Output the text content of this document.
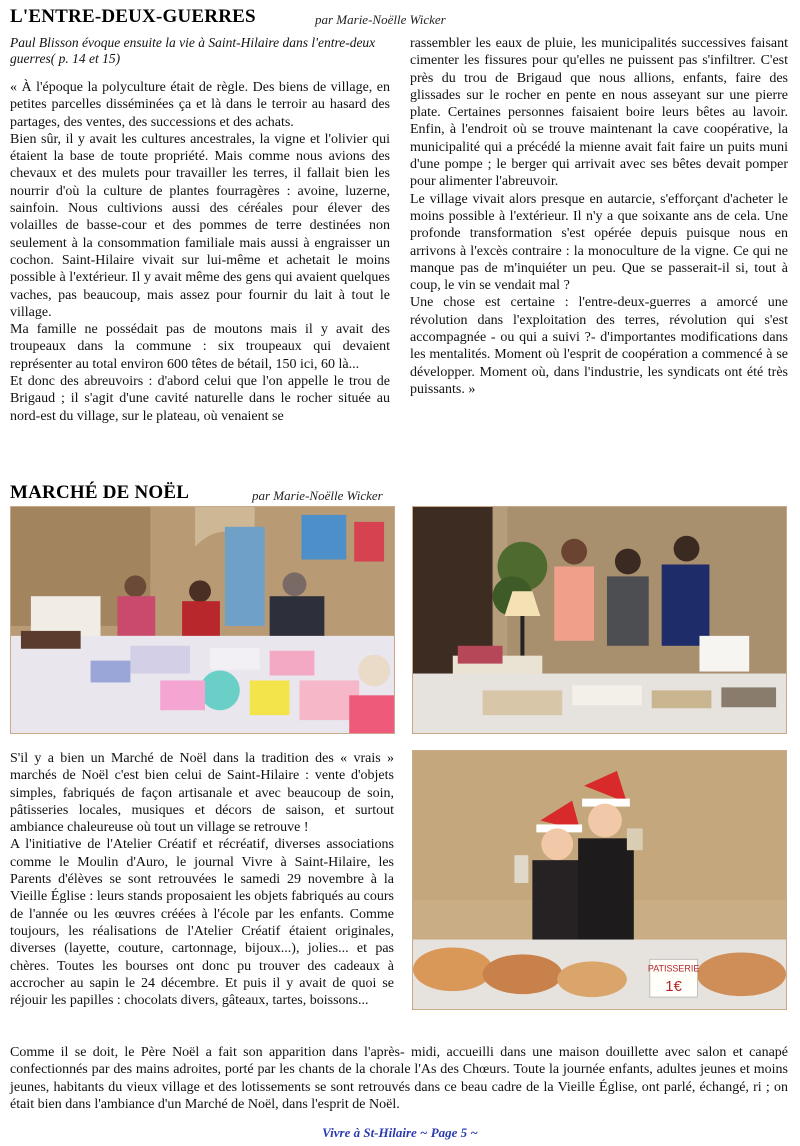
L'ENTRE-DEUX-GUERRES	par Marie-Noëlle Wicker
Paul Blisson évoque ensuite la vie à Saint-Hilaire dans l'entre-deux guerres( p. 14 et 15)

« À l'époque la polyculture était de règle. Des biens de village, en petites parcelles disséminées ça et là dans le terroir au hasard des partages, des ventes, des successions et des achats.

Bien sûr, il y avait les cultures ancestrales, la vigne et l'olivier qui étaient la base de toute propriété. Mais comme nous avions des chevaux et des mulets pour travailler les terres, il fallait bien les nourrir d'où la culture de plantes fourragères : avoine, luzerne, sainfoin. Nous cultivions aussi des céréales pour élever des volailles de basse-cour et des pommes de terre destinées non seulement à la consommation familiale mais aussi à engraisser un cochon. Saint-Hilaire vivait sur lui-même et achetait le moins possible à l'extérieur. Il y avait même des gens qui avaient quelques vaches, pas beaucoup, mais assez pour fournir du lait à tout le village.

Ma famille ne possédait pas de moutons mais il y avait des troupeaux dans la commune : six troupeaux qui devaient représenter au total environ 600 têtes de bétail, 150 ici, 60 là...

Et donc des abreuvoirs : d'abord celui que l'on appelle le trou de Brigaud ; il s'agit d'une cavité naturelle dans le rocher située au nord-est du village, sur le plateau, où venaient se

rassembler les eaux de pluie, les municipalités successives faisant cimenter les fissures pour qu'elles ne puissent pas s'infiltrer. C'est près du trou de Brigaud que nous allions, enfants, faire des glissades sur le rocher en pente en nous asseyant sur une pierre plate. Certaines personnes faisaient boire leurs bêtes au lavoir. Enfin, à l'endroit où se trouve maintenant la cave coopérative, la municipalité qui a précédé la mienne avait fait faire un puits muni d'une pompe ; le berger qui arrivait avec ses bêtes devait pomper pour alimenter l'abreuvoir.

Le village vivait alors presque en autarcie, s'efforçant d'acheter le moins possible à l'extérieur. Il n'y a que soixante ans de cela. Une profonde transformation s'est opérée depuis puisque nous en arrivons à l'excès contraire : la monoculture de la vigne. Ce qui ne manque pas de m'inquiéter un peu. Que se passerait-il si, tout à coup, le vin se vendait mal ?

Une chose est certaine : l'entre-deux-guerres a amorcé une révolution dans l'exploitation des terres, révolution qui s'est accompagnée - ou qui a suivi ?- d'importantes modifications dans les mentalités. Moment où l'esprit de coopération a commencé à se développer. Moment où, dans l'industrie, les syndicats ont été très puissants. »

MARCHÉ DE NOËL	par Marie-Noëlle Wicker
PATISSERIE
1€

S'il y a bien un Marché de Noël dans la tradition des « vrais » marchés de Noël c'est bien celui de Saint-Hilaire : vente d'objets simples, fabriqués de façon artisanale et avec beaucoup de soin, pâtisseries locales, musiques et décors de saison, et surtout ambiance chaleureuse où tout un village se retrouve !

A l'initiative de l'Atelier Créatif et récréatif, diverses associations comme le Moulin d'Auro, le journal Vivre à Saint-Hilaire, les Parents d'élèves se sont retrouvées le samedi 29 novembre à la Vieille Église : leurs stands proposaient les objets fabriqués au cours de l'année ou les œuvres créées à l'école par les enfants. Comme toujours, les réalisations de l'Atelier Créatif étaient originales, diverses (layette, couture, cartonnage, bijoux...), jolies... et pas chères. Toutes les bourses ont donc pu trouver des cadeaux à accrocher au sapin le 24 décembre. Et puis il y avait de quoi se réjouir les papilles : chocolats divers, gâteaux, tartes, boissons...

Comme il se doit, le Père Noël a fait son apparition dans l'après- midi, accueilli dans une maison douillette avec salon et canapé confectionnés par des mains adroites, porté par les chants de la chorale l'As des Chœurs. Toute la journée enfants, adultes jeunes et moins jeunes, habitants du vieux village et des lotissements se sont retrouvés dans ce beau cadre de la Vieille Église, ont parlé, échangé, ri ; on était bien dans l'ambiance d'un Marché de Noël, dans l'esprit de Noël.
Vivre à St-Hilaire ~ Page 5 ~
